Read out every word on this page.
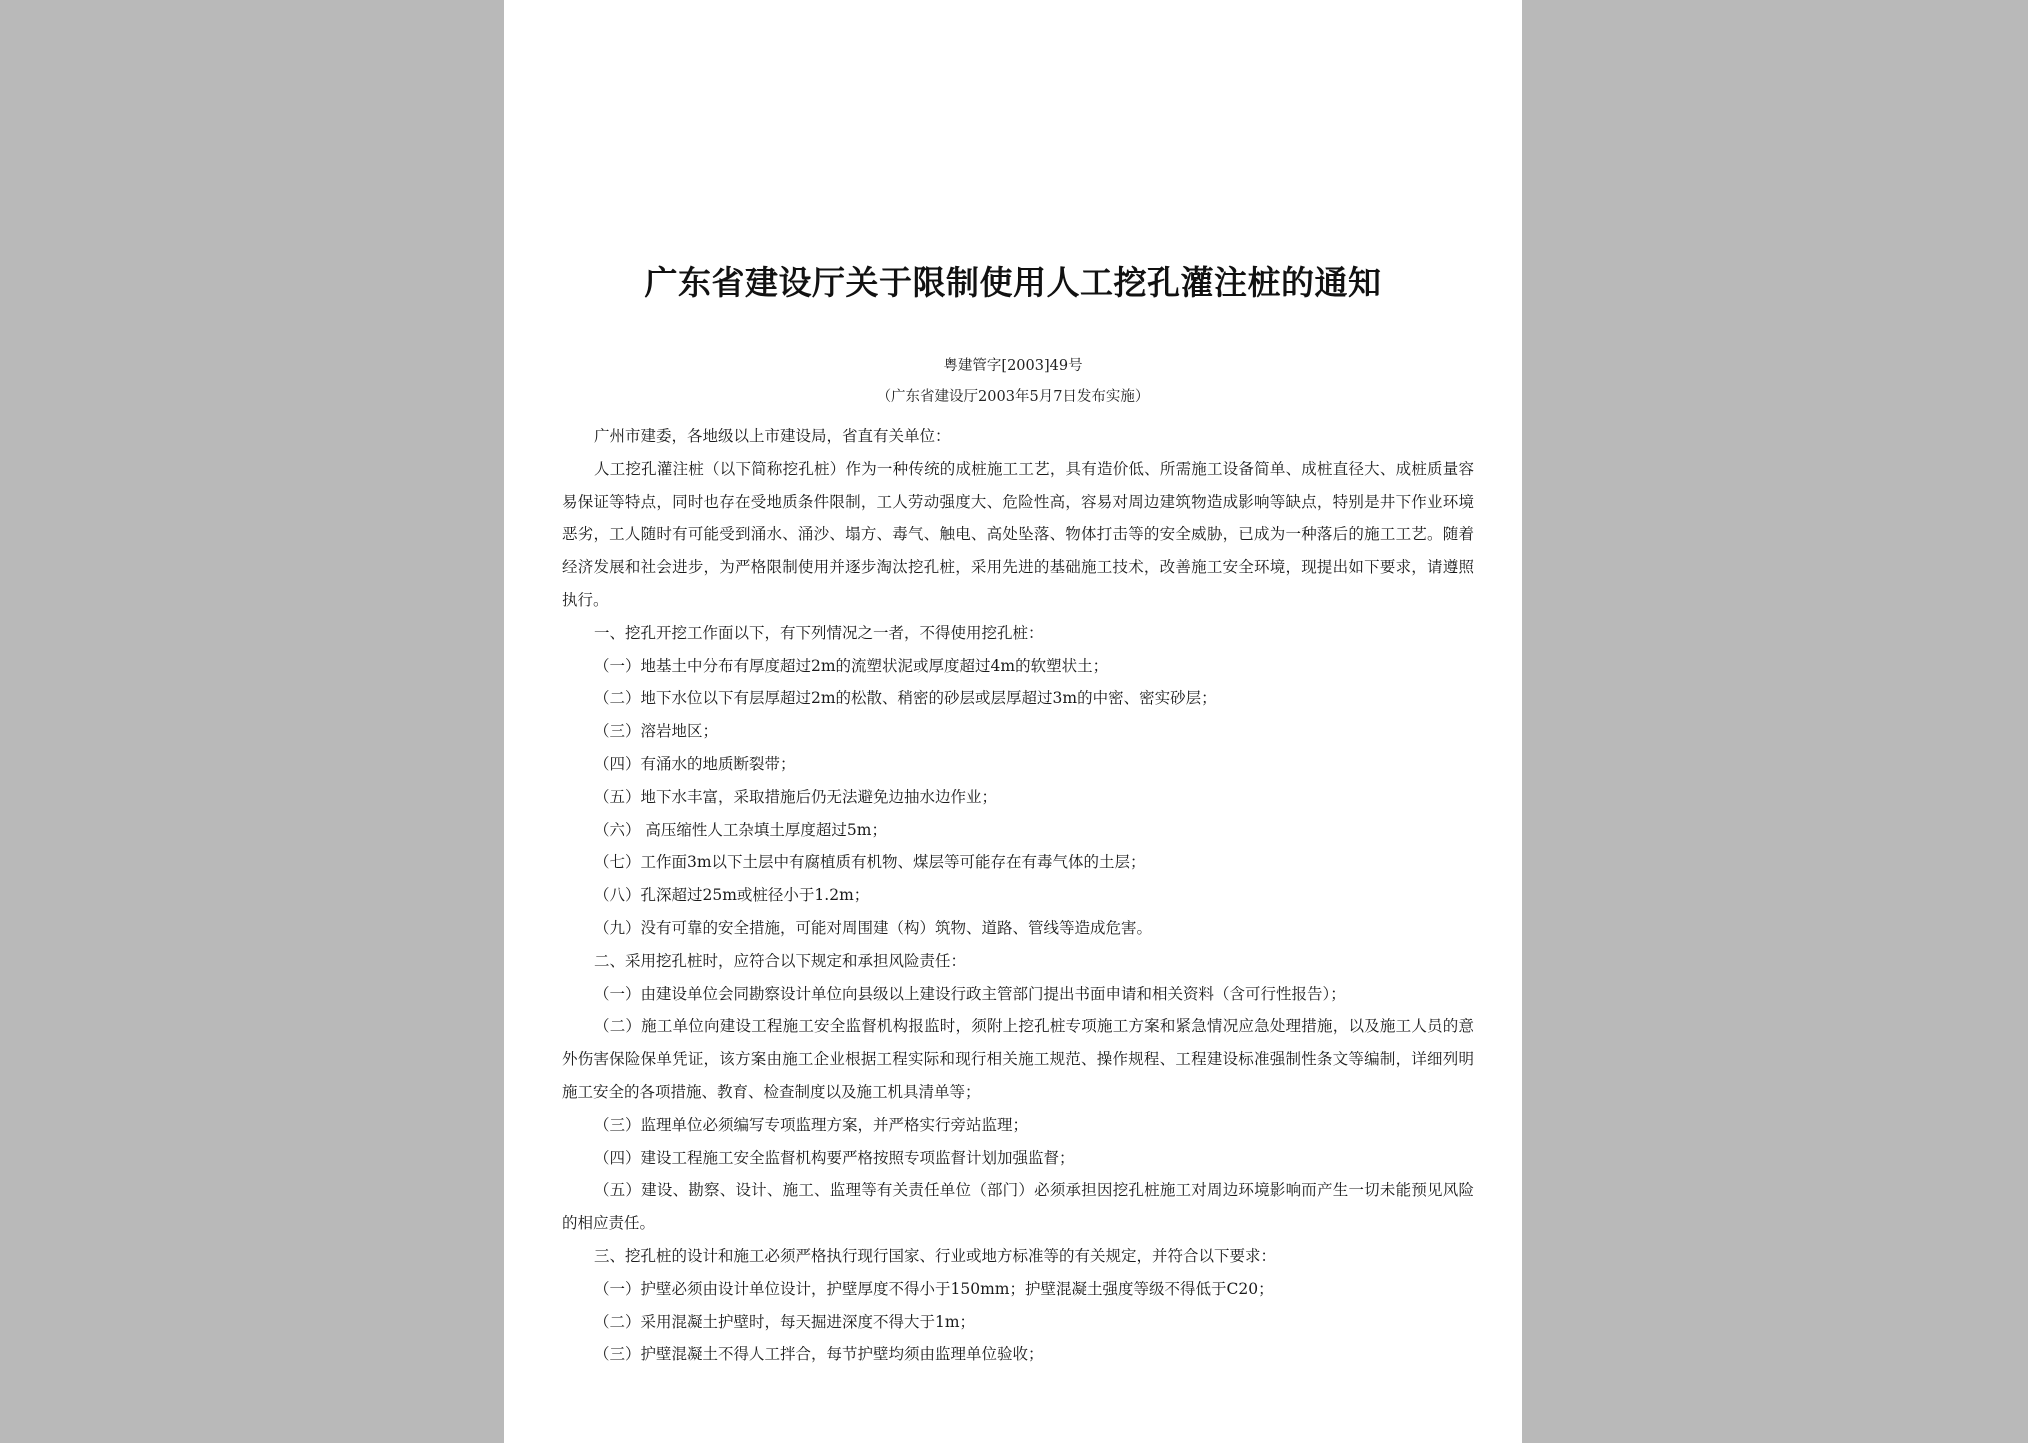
广东省建设厅关于限制使用人工挖孔灌注桩的通知
粤建管字[2003]49号
（广东省建设厅2003年5月7日发布实施）

广州市建委，各地级以上市建设局，省直有关单位：

人工挖孔灌注桩（以下简称挖孔桩）作为一种传统的成桩施工工艺，具有造价低、所需施工设备简单、成桩直径大、成桩质量容易保证等特点，同时也存在受地质条件限制，工人劳动强度大、危险性高，容易对周边建筑物造成影响等缺点，特别是井下作业环境恶劣，工人随时有可能受到涌水、涌沙、塌方、毒气、触电、高处坠落、物体打击等的安全威胁，已成为一种落后的施工工艺。随着经济发展和社会进步，为严格限制使用并逐步淘汰挖孔桩，采用先进的基础施工技术，改善施工安全环境，现提出如下要求，请遵照执行。

一、挖孔开挖工作面以下，有下列情况之一者，不得使用挖孔桩：

（一）地基土中分布有厚度超过2m的流塑状泥或厚度超过4m的软塑状土；

（二）地下水位以下有层厚超过2m的松散、稍密的砂层或层厚超过3m的中密、密实砂层；

（三）溶岩地区；

（四）有涌水的地质断裂带；

（五）地下水丰富，采取措施后仍无法避免边抽水边作业；

（六） 高压缩性人工杂填土厚度超过5m；

（七）工作面3m以下土层中有腐植质有机物、煤层等可能存在有毒气体的土层；

（八）孔深超过25m或桩径小于1.2m；

（九）没有可靠的安全措施，可能对周围建（构）筑物、道路、管线等造成危害。

二、采用挖孔桩时，应符合以下规定和承担风险责任：

（一）由建设单位会同勘察设计单位向县级以上建设行政主管部门提出书面申请和相关资料（含可行性报告）；

（二）施工单位向建设工程施工安全监督机构报监时，须附上挖孔桩专项施工方案和紧急情况应急处理措施，以及施工人员的意外伤害保险保单凭证，该方案由施工企业根据工程实际和现行相关施工规范、操作规程、工程建设标准强制性条文等编制，详细列明施工安全的各项措施、教育、检查制度以及施工机具清单等；

（三）监理单位必须编写专项监理方案，并严格实行旁站监理；

（四）建设工程施工安全监督机构要严格按照专项监督计划加强监督；

（五）建设、勘察、设计、施工、监理等有关责任单位（部门）必须承担因挖孔桩施工对周边环境影响而产生一切未能预见风险的相应责任。

三、挖孔桩的设计和施工必须严格执行现行国家、行业或地方标准等的有关规定，并符合以下要求：

（一）护壁必须由设计单位设计，护壁厚度不得小于150mm；护壁混凝土强度等级不得低于C20；

（二）采用混凝土护壁时，每天掘进深度不得大于1m；

（三）护壁混凝土不得人工拌合，每节护壁均须由监理单位验收；
